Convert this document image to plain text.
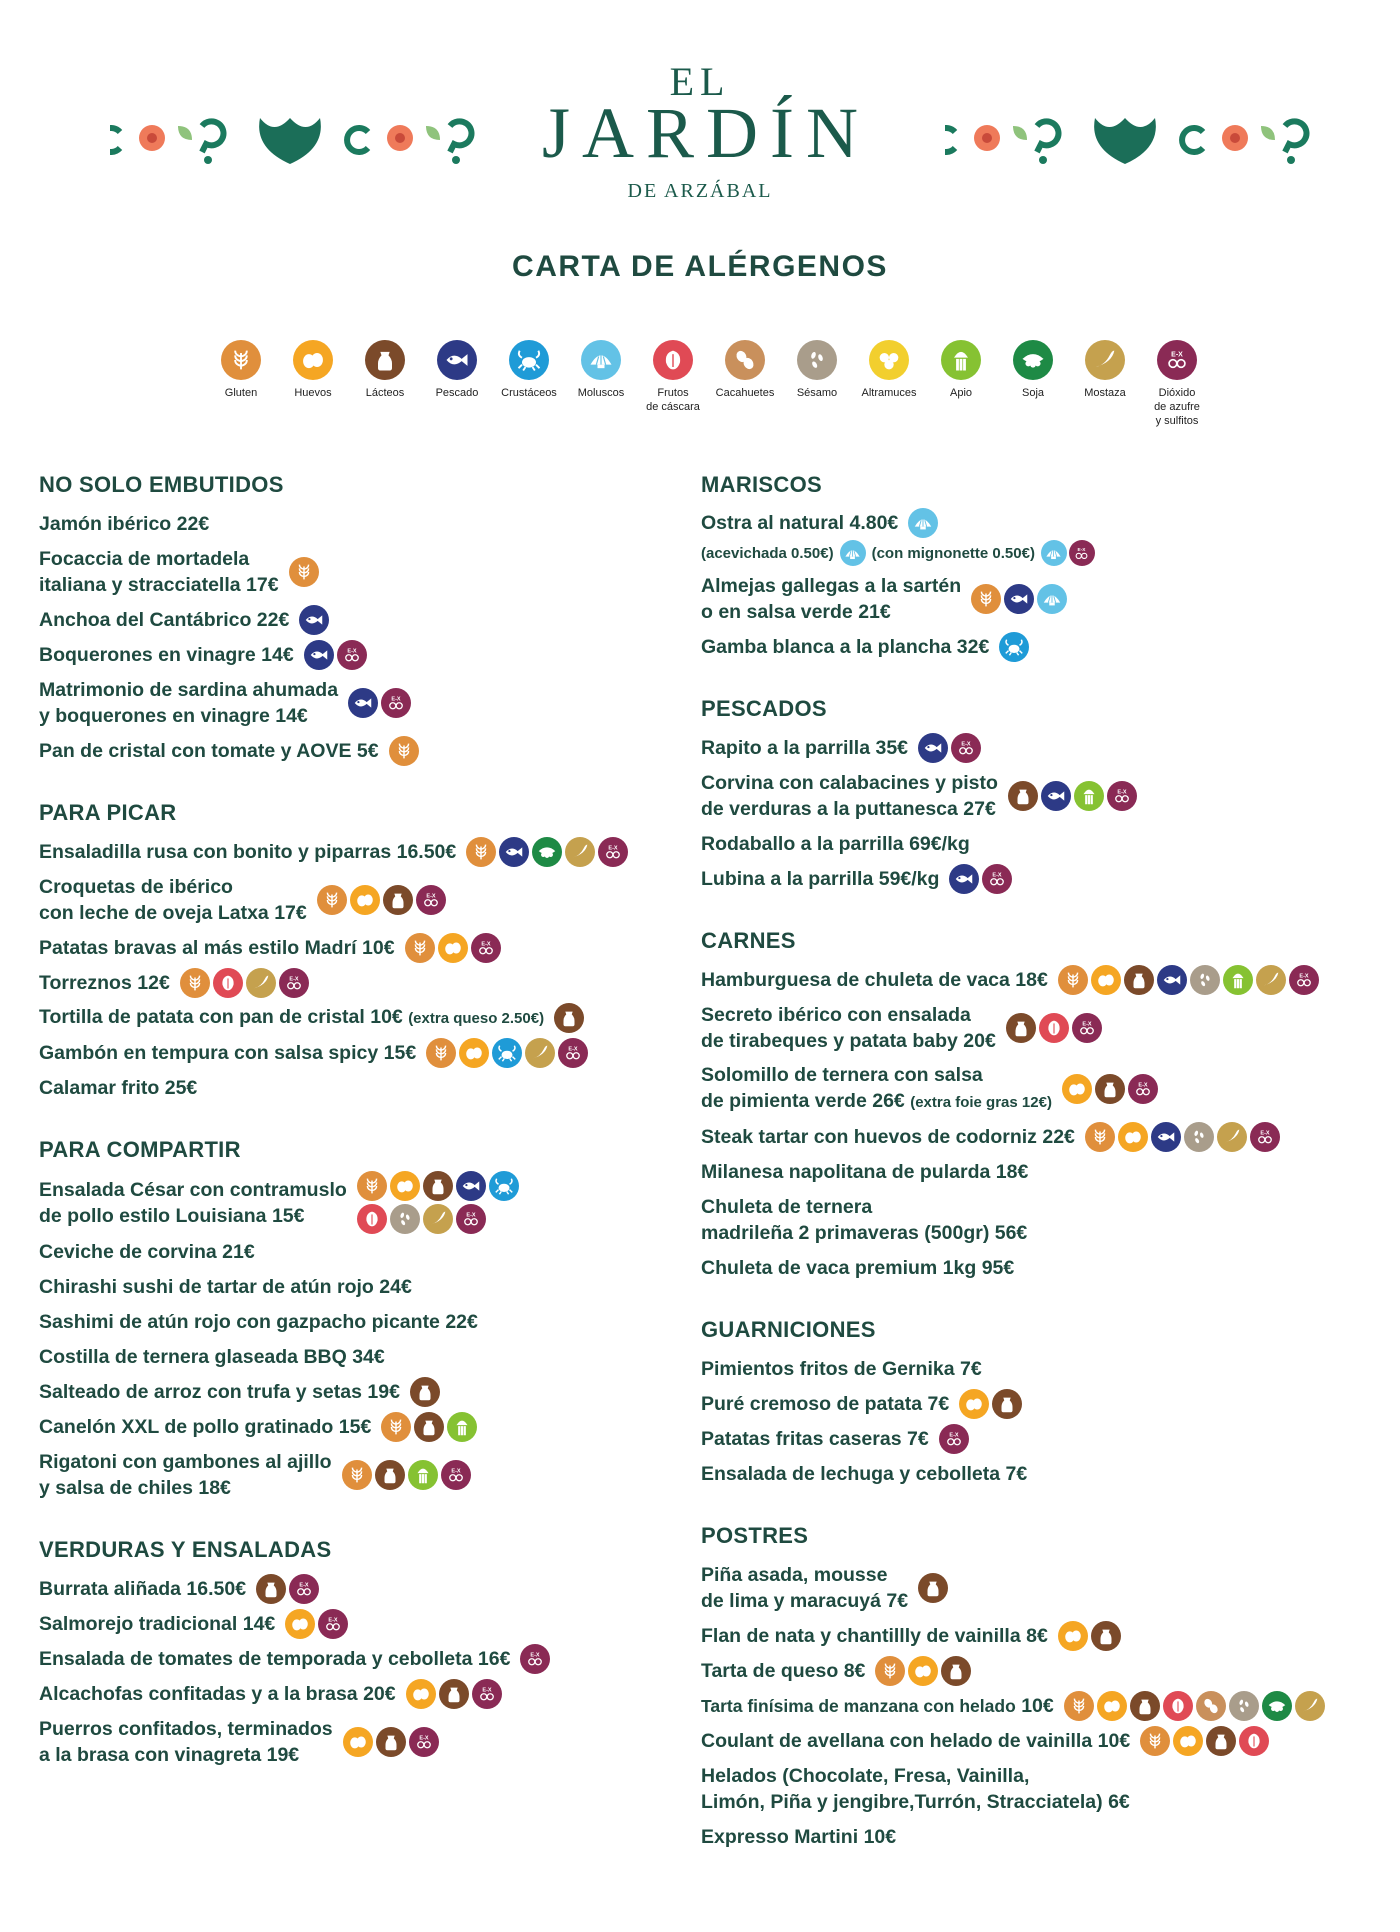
EL
JARDÍN
DE ARZÁBAL
CARTA DE ALÉRGENOS
Gluten	Huevos	Lácteos	Pescado	Crustáceos	Moluscos	Frutos
de cáscara
Cacahuetes	Sésamo	Altramuces	Apio	Soja	Mostaza
E-X
Dióxido
de azufre
y sulfitos
NO SOLO EMBUTIDOS
Jamón ibérico 22€
Focaccia de mortadela
italiana y stracciatella 17€
Anchoa del Cantábrico 22€
Boquerones en vinagre 14€	E-X
Matrimonio de sardina ahumada
y boquerones en vinagre 14€
E-X
Pan de cristal con tomate y AOVE 5€
PARA PICAR
Ensaladilla rusa con bonito y piparras 16.50€	E-X
Croquetas de ibérico
con leche de oveja Latxa 17€
E-X
Patatas bravas al más estilo Madrí 10€	E-X
Torreznos 12€	E-X
Tortilla de patata con pan de cristal 10€ (extra queso 2.50€)
Gambón en tempura con salsa spicy 15€	E-X
Calamar frito 25€
PARA COMPARTIR
Ensalada César con contramuslo
de pollo estilo Louisiana 15€	E-X
Ceviche de corvina 21€
Chirashi sushi de tartar de atún rojo 24€
Sashimi de atún rojo con gazpacho picante 22€
Costilla de ternera glaseada BBQ 34€
Salteado de arroz con trufa y setas 19€
Canelón XXL de pollo gratinado 15€
Rigatoni con gambones al ajillo
y salsa de chiles 18€
E-X
VERDURAS Y ENSALADAS
Burrata aliñada 16.50€	E-X
Salmorejo tradicional 14€	E-X
Ensalada de tomates de temporada y cebolleta 16€	E-X
Alcachofas confitadas y a la brasa 20€	E-X
Puerros confitados, terminados
a la brasa con vinagreta 19€
E-X
MARISCOS
Ostra al natural 4.80€
(acevichada 0.50€)	(con mignonette 0.50€)	E-X
Almejas gallegas a la sartén
o en salsa verde 21€
Gamba blanca a la plancha 32€
PESCADOS
Rapito a la parrilla 35€	E-X
Corvina con calabacines y pisto
de verduras a la puttanesca 27€
E-X
Rodaballo a la parrilla 69€/kg
Lubina a la parrilla 59€/kg	E-X
CARNES
Hamburguesa de chuleta de vaca 18€	E-X
Secreto ibérico con ensalada
de tirabeques y patata baby 20€
E-X
Solomillo de ternera con salsa
de pimienta verde 26€ (extra foie gras 12€)
E-X
Steak tartar con huevos de codorniz 22€	E-X
Milanesa napolitana de pularda 18€
Chuleta de ternera
madrileña 2 primaveras (500gr) 56€
Chuleta de vaca premium 1kg 95€
GUARNICIONES
Pimientos fritos de Gernika 7€
Puré cremoso de patata 7€
Patatas fritas caseras 7€	E-X
Ensalada de lechuga y cebolleta 7€
POSTRES
Piña asada, mousse
de lima y maracuyá 7€
Flan de nata y chantillly de vainilla 8€
Tarta de queso 8€
Tarta finísima de manzana con helado 10€
Coulant de avellana con helado de vainilla 10€
Helados (Chocolate, Fresa, Vainilla,
Limón, Piña y jengibre,Turrón, Stracciatela) 6€
Expresso Martini 10€
